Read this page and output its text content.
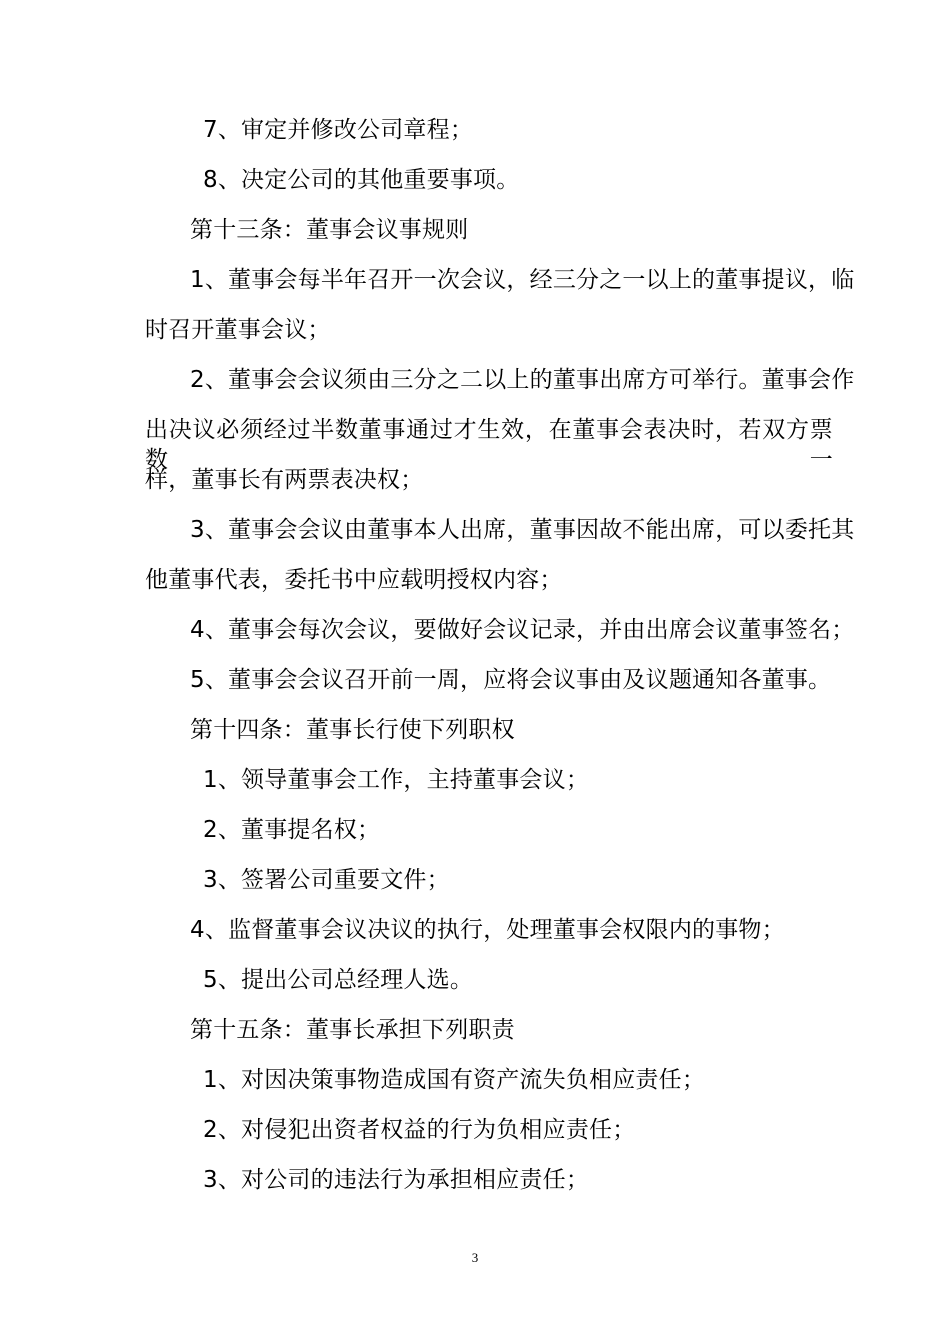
7、审定并修改公司章程；
8、决定公司的其他重要事项。
第十三条：董事会议事规则
1、董事会每半年召开一次会议，经三分之一以上的董事提议，临
时召开董事会议；
2、董事会会议须由三分之二以上的董事出席方可举行。董事会作
出决议必须经过半数董事通过才生效，在董事会表决时，若双方票数一
样，董事长有两票表决权；
3、董事会会议由董事本人出席，董事因故不能出席，可以委托其
他董事代表，委托书中应载明授权内容；
4、董事会每次会议，要做好会议记录，并由出席会议董事签名；
5、董事会会议召开前一周，应将会议事由及议题通知各董事。
第十四条：董事长行使下列职权
1、领导董事会工作，主持董事会议；
2、董事提名权；
3、签署公司重要文件；
4、监督董事会议决议的执行，处理董事会权限内的事物；
5、提出公司总经理人选。
第十五条：董事长承担下列职责
1、对因决策事物造成国有资产流失负相应责任；
2、对侵犯出资者权益的行为负相应责任；
3、对公司的违法行为承担相应责任；
3
